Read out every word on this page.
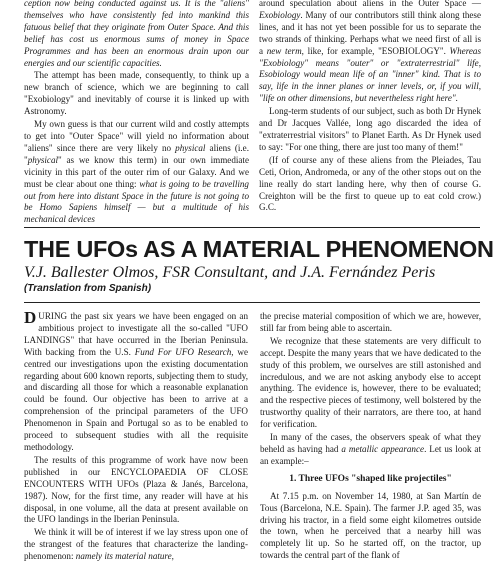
ception now being conducted against us. It is the "aliens" themselves who have consistently fed into mankind this fatuous belief that they originate from Outer Space. And this belief has cost us enormous sums of money in Space Programmes and has been an enormous drain upon our energies and our scientific capacities.

The attempt has been made, consequently, to think up a new branch of science, which we are beginning to call "Exobiology" and inevitably of course it is linked up with Astronomy.

My own guess is that our current wild and costly attempts to get into "Outer Space" will yield no information about "aliens" since there are very likely no physical aliens (i.e. "physical" as we know this term) in our own immediate vicinity in this part of the outer rim of our Galaxy. And we must be clear about one thing: what is going to be travelling out from here into distant Space in the future is not going to be Homo Sapiens himself — but a multitude of his mechanical devices

around speculation about aliens in the Outer Space — Exobiology. Many of our contributors still think along these lines, and it has not yet been possible for us to separate the two strands of thinking. Perhaps what we need first of all is a new term, like, for example, "ESOBIOLOGY". Whereas "Exobiology" means "outer" or "extraterrestrial" life, Esobiology would mean life of an "inner" kind. That is to say, life in the inner planes or inner levels, or, if you will, "life on other dimensions, but nevertheless right here".

Long-term students of our subject, such as both Dr Hynek and Dr Jacques Vallée, long ago discarded the idea of "extraterrestrial visitors" to Planet Earth. As Dr Hynek used to say: "For one thing, there are just too many of them!"

(If of course any of these aliens from the Pleiades, Tau Ceti, Orion, Andromeda, or any of the other stops out on the line really do start landing here, why then of course G. Creighton will be the first to queue up to eat cold crow.) G.C.

THE UFOs AS A MATERIAL PHENOMENON
V.J. Ballester Olmos, FSR Consultant, and J.A. Fernández Peris
(Translation from Spanish)

DURING the past six years we have been engaged on an ambitious project to investigate all the so-called "UFO LANDINGS" that have occurred in the Iberian Peninsula. With backing from the U.S. Fund For UFO Research, we centred our investigations upon the existing documentation regarding about 600 known reports, subjecting them to study, and discarding all those for which a reasonable explanation could be found. Our objective has been to arrive at a comprehension of the principal parameters of the UFO Phenomenon in Spain and Portugal so as to be enabled to proceed to subsequent studies with all the requisite methodology.

The results of this programme of work have now been published in our ENCYCLOPAEDIA OF CLOSE ENCOUNTERS WITH UFOs (Plaza & Janés, Barcelona, 1987). Now, for the first time, any reader will have at his disposal, in one volume, all the data at present available on the UFO landings in the Iberian Peninsula.

We think it will be of interest if we lay stress upon one of the strangest of the features that characterize the landing-phenomenon: namely its material nature,

the precise material composition of which we are, however, still far from being able to ascertain.

We recognize that these statements are very difficult to accept. Despite the many years that we have dedicated to the study of this problem, we ourselves are still astonished and incredulous, and we are not asking anybody else to accept anything. The evidence is, however, there to be evaluated; and the respective pieces of testimony, well bolstered by the trustworthy quality of their narrators, are there too, at hand for verification.

In many of the cases, the observers speak of what they beheld as having had a metallic appearance. Let us look at an example:–

1. Three UFOs "shaped like projectiles"

At 7.15 p.m. on November 14, 1980, at San Martín de Tous (Barcelona, N.E. Spain). The farmer J.P. aged 35, was driving his tractor, in a field some eight kilometres outside the town, when he perceived that a nearby hill was completely lit up. So he started off, on the tractor, up towards the central part of the flank of
